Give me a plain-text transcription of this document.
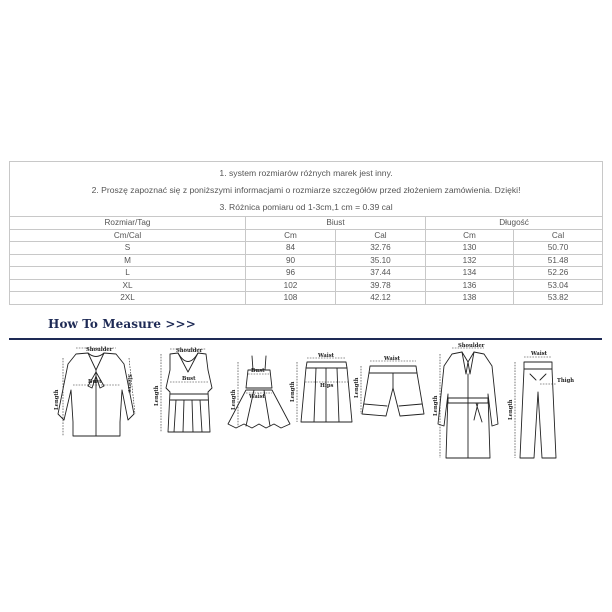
1. system rozmiarów różnych marek jest inny.
2. Proszę zapoznać się z poniższymi informacjami o rozmiarze szczegółów przed złożeniem zamówienia. Dzięki!
3. Różnica pomiaru od 1-3cm,1 cm = 0.39 cal				

Rozmiar/Tag	Biust		Długość	
Cm/Cal	Cm	Cal	Cm	Cal
S	84	32.76	130	50.70
M	90	35.10	132	51.48
L	96	37.44	134	52.26
XL	102	39.78	136	53.04
2XL	108	42.12	138	53.82
How To Measure >>>
Shoulder
Bust
Length
Sleeve
Shoulder
Bust
Length
Bust
Waist
Length
Waist
Hips
Length
Waist
Length
Shoulder
Length
Waist
Thigh
Length
